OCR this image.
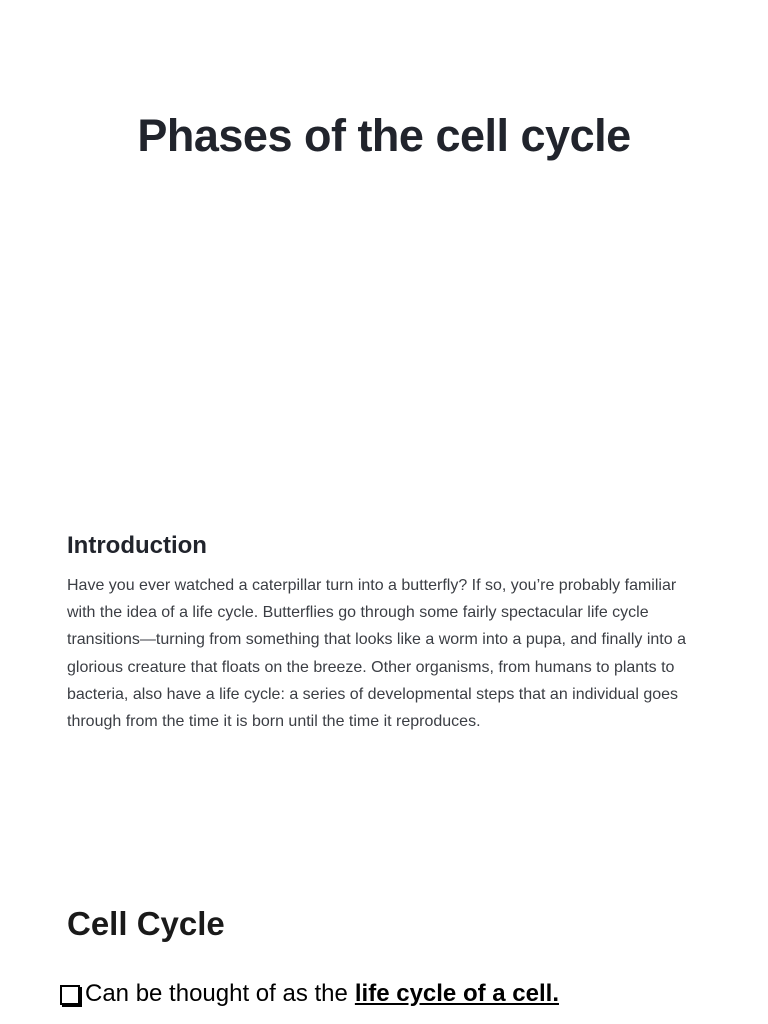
Phases of the cell cycle
Introduction

Have you ever watched a caterpillar turn into a butterfly? If so, you’re probably familiar with the idea of a life cycle. Butterflies go through some fairly spectacular life cycle transitions—turning from something that looks like a worm into a pupa, and finally into a glorious creature that floats on the breeze. Other organisms, from humans to plants to bacteria, also have a life cycle: a series of developmental steps that an individual goes through from the time it is born until the time it reproduces.

Cell Cycle

Can be thought of as the life cycle of a cell.
